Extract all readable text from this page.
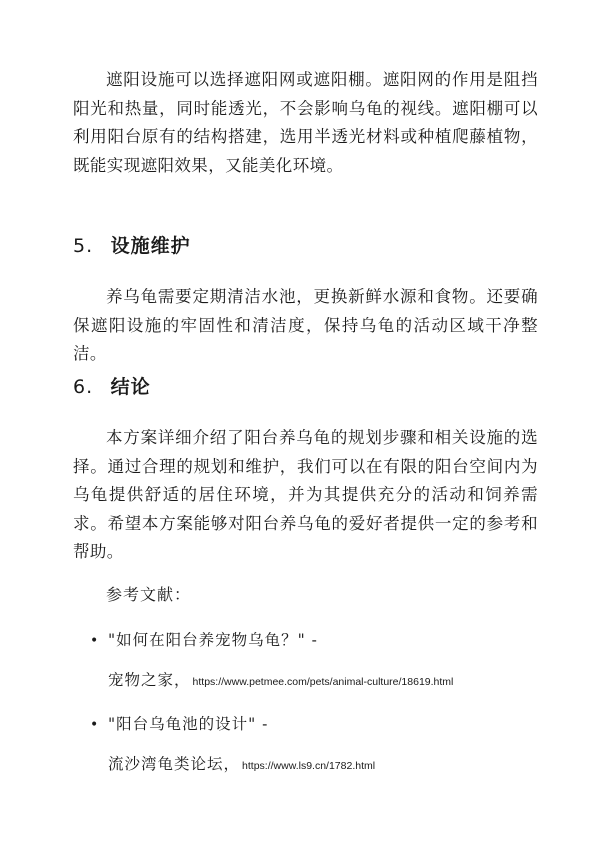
遮阳设施可以选择遮阳网或遮阳棚。遮阳网的作用是阻挡阳光和热量，同时能透光，不会影响乌龟的视线。遮阳棚可以利用阳台原有的结构搭建，选用半透光材料或种植爬藤植物，既能实现遮阳效果，又能美化环境。

5. 设施维护

养乌龟需要定期清洁水池，更换新鲜水源和食物。还要确保遮阳设施的牢固性和清洁度，保持乌龟的活动区域干净整洁。

6. 结论

本方案详细介绍了阳台养乌龟的规划步骤和相关设施的选择。通过合理的规划和维护，我们可以在有限的阳台空间内为乌龟提供舒适的居住环境，并为其提供充分的活动和饲养需求。希望本方案能够对阳台养乌龟的爱好者提供一定的参考和帮助。

参考文献：

• "如何在阳台养宠物乌龟？" -
宠物之家， https://www.petmee.com/pets/animal-culture/18619.html
• "阳台乌龟池的设计" -
流沙湾龟类论坛， https://www.ls9.cn/1782.html
